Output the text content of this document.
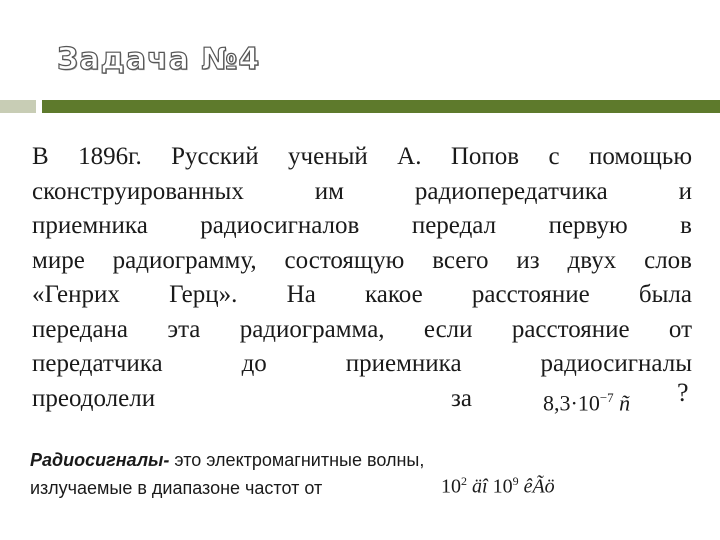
Задача №4
В 1896г. Русский ученый А. Попов с помощью
сконструированных им радиопередатчика и
приемника радиосигналов передал первую в
мире радиограмму, состоящую всего из двух слов
«Генрих Герц». На какое расстояние была
передана эта радиограмма, если расстояние от
передатчика до приемника радиосигналы
преодолели за	$8,3\cdot 10^{-7}$ ñ ?
Радиосигналы- это электромагнитные волны,
излучаемые в диапазоне частот от	$10^2$ äî $10^9$ êÃö
